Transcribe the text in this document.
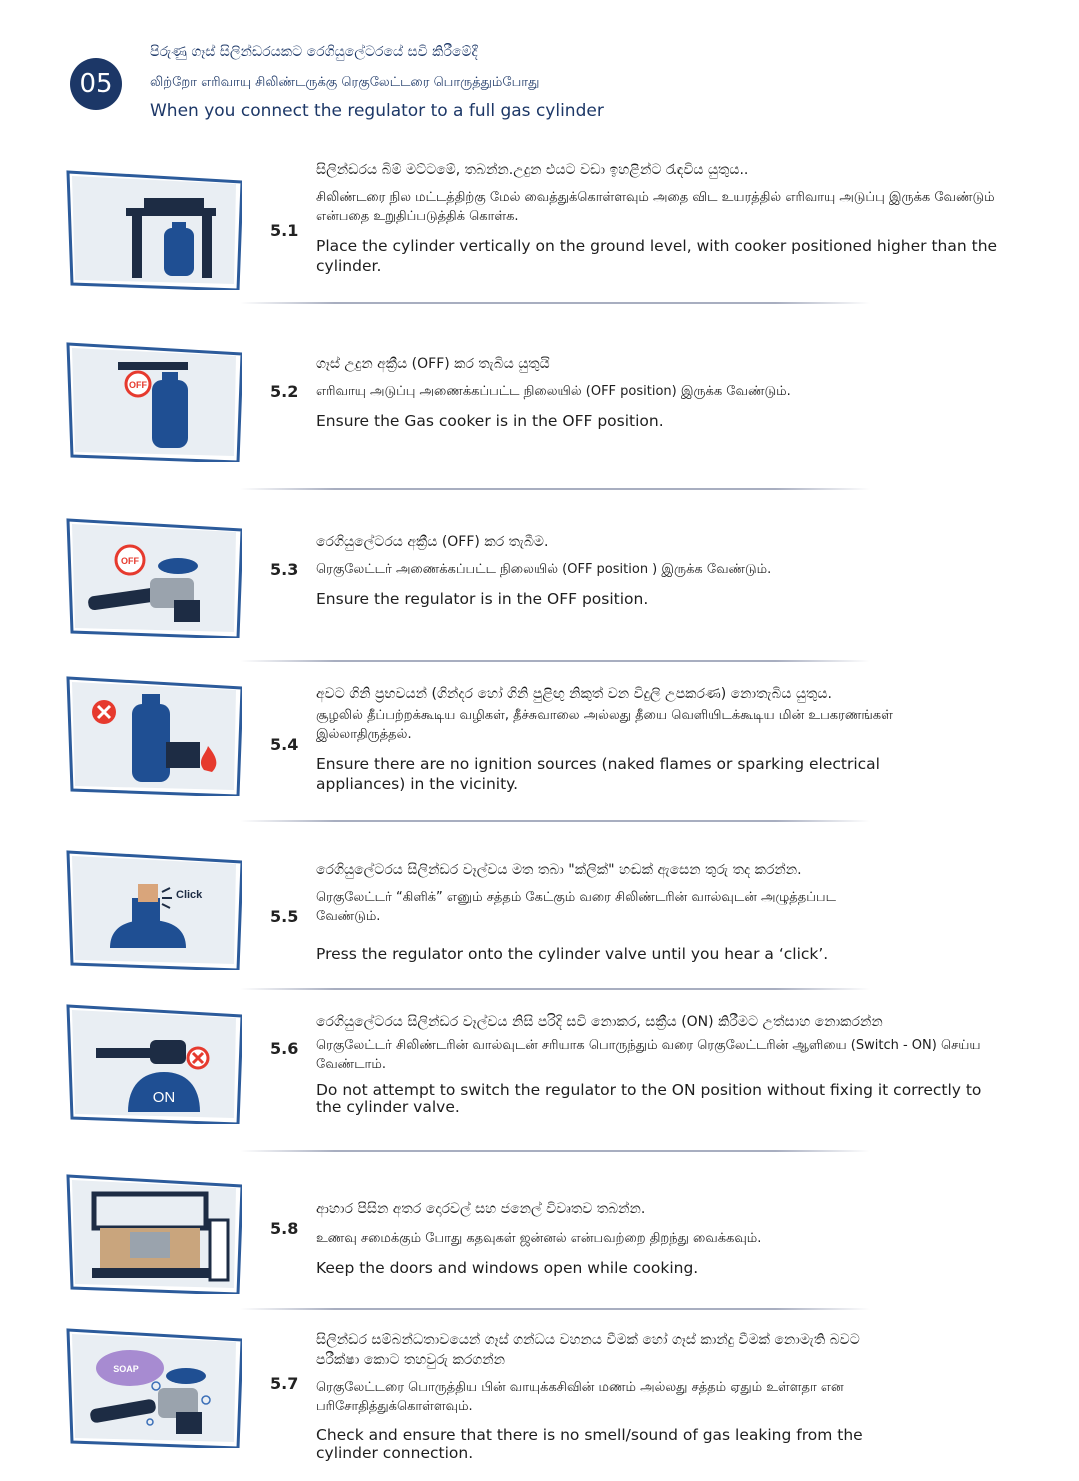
05
පිරුණු ගෑස් සිලින්ඩරයකට රෙගියුලේටරයේ සවි කිරීමේදී
லிற்றோ எரிவாயு சிலிண்டருக்கு ரெகுலேட்டரை பொருத்தும்போது
When you connect the regulator to a full gas cylinder
5.1

සිලින්ඩරය බිම් මට්ටමේ, තබන්න.උදුන එයට වඩා ඉහළින්ට රැඳවිය යුතුය..

சிலிண்டரை நில மட்டத்திற்கு மேல் வைத்துக்கொள்ளவும் அதை விட உயரத்தில் எரிவாயு அடுப்பு இருக்க வேண்டும் என்பதை உறுதிப்படுத்திக் கொள்க.

Place the cylinder vertically on the ground level, with cooker positioned higher than the cylinder.

OFF	5.2

ගෑස් උදුන අක්‍රීය (OFF) කර තැබිය යුතුයි

எரிவாயு அடுப்பு அணைக்கப்பட்ட நிலையில் (OFF position) இருக்க வேண்டும்.

Ensure the Gas cooker is in the OFF position.

OFF	5.3

රෙගියුලේටරය අක්‍රීය (OFF) කර තැබීම.

ரெகுலேட்டர் அணைக்கப்பட்ட நிலையில் (OFF position ) இருக்க வேண்டும்.

Ensure the regulator is in the OFF position.

5.4

අවට ගිනි ප්‍රභවයන් (ගින්දර හෝ ගිනි පුළිඟු නිකුත් වන විදුලි උපකරණ) නොතැබිය යුතුය.

சூழலில் தீப்பற்றக்கூடிய வழிகள், தீச்சுவாலை அல்லது தீயை வெளியிடக்கூடிய மின் உபகரணங்கள் இல்லாதிருத்தல்.

Ensure there are no ignition sources (naked flames or sparking electrical appliances) in the vicinity.

Click
5.5

රෙගියුලේටරය සිලින්ඩර වෑල්වය මත තබා "ක්ලික්" හඬක් ඇසෙන තුරු තද කරන්න.

ரெகுலேட்டர் “கிளிக்” எனும் சத்தம் கேட்கும் வரை சிலிண்டரின் வால்வுடன் அழுத்தப்பட வேண்டும்.

Press the regulator onto the cylinder valve until you hear a ‘click’.

ON
5.6

රෙගියුලේටරය සිලින්ඩර වෑල්වය නිසි පරිදි සවි නොකර, සක්‍රීය (ON) කිරීමට උත්සාහ නොකරන්න

ரெகுலேட்டர் சிலிண்டரின் வால்வுடன் சரியாக பொருந்தும் வரை ரெகுலேட்டரின் ஆளியை (Switch - ON) செய்ய வேண்டாம்.

Do not attempt to switch the regulator to the ON position without fixing it correctly to the cylinder valve.

5.8

ආහාර පිසින අතර දොරවල් සහ ජනෙල් විවෘතව තබන්න.

உணவு சமைக்கும் போது கதவுகள் ஜன்னல் என்பவற்றை திறந்து வைக்கவும்.

Keep the doors and windows open while cooking.

SOAP
5.7

සිලින්ඩර සම්බන්ධතාවයෙන් ගෑස් ගන්ධය වහනය වීමක් හෝ ගෑස් කාන්දු වීමක් නොමැති බවට පරීක්ෂා කොට තහවුරු කරගන්න

ரெகுலேட்டரை பொருத்திய பின் வாயுக்கசிவின் மணம் அல்லது சத்தம் ஏதும் உள்ளதா என பரிசோதித்துக்கொள்ளவும்.

Check and ensure that there is no smell/sound of gas leaking from the cylinder connection.
